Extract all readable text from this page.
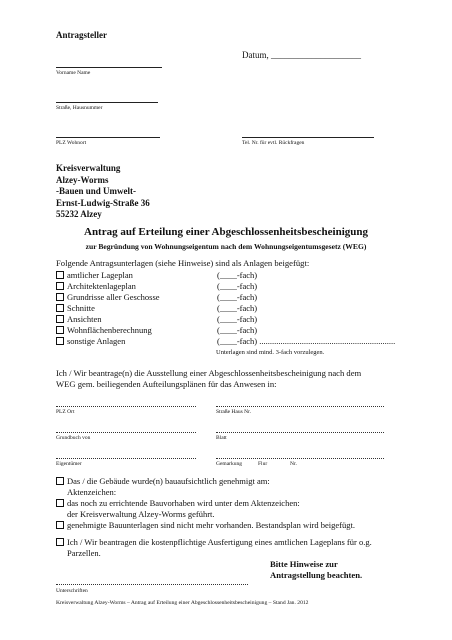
Antragsteller
Datum, ____________________
Vorname Name
Straße, Hausnummer
PLZ Wohnort	Tel. Nr. für evtl. Rückfragen
Kreisverwaltung
Alzey-Worms
-Bauen und Umwelt-
Ernst-Ludwig-Straße 36
55232 Alzey
Antrag auf Erteilung einer Abgeschlossenheitsbescheinigung
zur Begründung von Wohnungseigentum nach dem Wohnungseigentumsgesetz (WEG)
Folgende Antragsunterlagen (siehe Hinweise) sind als Anlagen beigefügt:
amtlicher Lageplan	(____-fach)
Architektenlageplan	(____-fach)
Grundrisse aller Geschosse	(____-fach)
Schnitte	(____-fach)
Ansichten	(____-fach)
Wohnflächenberechnung	(____-fach)
sonstige Anlagen	(____-fach) ................................................................
Unterlagen sind mind. 3-fach vorzulegen.
Ich / Wir beantrage(n) die Ausstellung einer Abgeschlossenheitsbescheinigung nach dem
WEG gem. beiliegenden Aufteilungsplänen für das Anwesen in:
PLZ Ort	Straße Haus Nr.
Grundbuch von	Blatt
Eigentümer	Gemarkung	Flur	Nr.
Das / die Gebäude wurde(n) bauaufsichtlich genehmigt am:
Aktenzeichen:
das noch zu errichtende Bauvorhaben wird unter dem Aktenzeichen:
der Kreisverwaltung Alzey-Worms geführt.
genehmigte Bauunterlagen sind nicht mehr vorhanden. Bestandsplan wird beigefügt.
Ich / Wir beantragen die kostenpflichtige Ausfertigung eines amtlichen Lageplans für o.g.
Parzellen.
Bitte Hinweise zur
Antragstellung beachten.
Unterschriften
Kreisverwaltung Alzey-Worms – Antrag auf Erteilung einer Abgeschlossenheitsbescheinigung – Stand Jan. 2012
